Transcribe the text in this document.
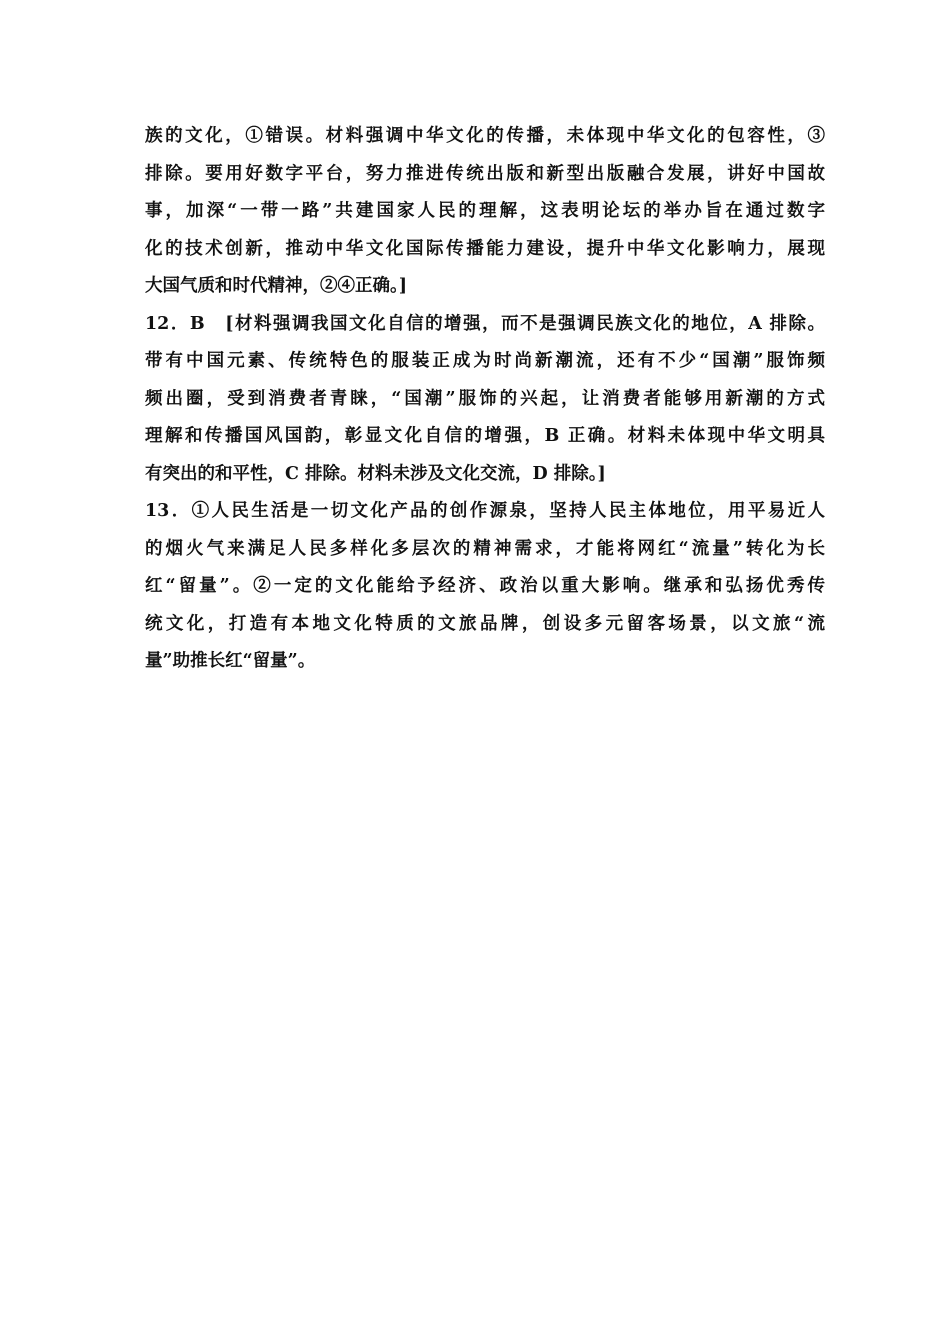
族的文化，①错误。材料强调中华文化的传播，未体现中华文化的包容性，③
排除。要用好数字平台，努力推进传统出版和新型出版融合发展，讲好中国故
事，加深“一带一路”共建国家人民的理解，这表明论坛的举办旨在通过数字
化的技术创新，推动中华文化国际传播能力建设，提升中华文化影响力，展现
大国气质和时代精神，②④正确。]

12．B　[材料强调我国文化自信的增强，而不是强调民族文化的地位，A 排除。
带有中国元素、传统特色的服装正成为时尚新潮流，还有不少“国潮”服饰频
频出圈，受到消费者青睐，“国潮”服饰的兴起，让消费者能够用新潮的方式
理解和传播国风国韵，彰显文化自信的增强，B 正确。材料未体现中华文明具
有突出的和平性，C 排除。材料未涉及文化交流，D 排除。]

13．①人民生活是一切文化产品的创作源泉，坚持人民主体地位，用平易近人
的烟火气来满足人民多样化多层次的精神需求，才能将网红“流量”转化为长
红“留量”。②一定的文化能给予经济、政治以重大影响。继承和弘扬优秀传
统文化，打造有本地文化特质的文旅品牌，创设多元留客场景，以文旅“流
量”助推长红“留量”。
